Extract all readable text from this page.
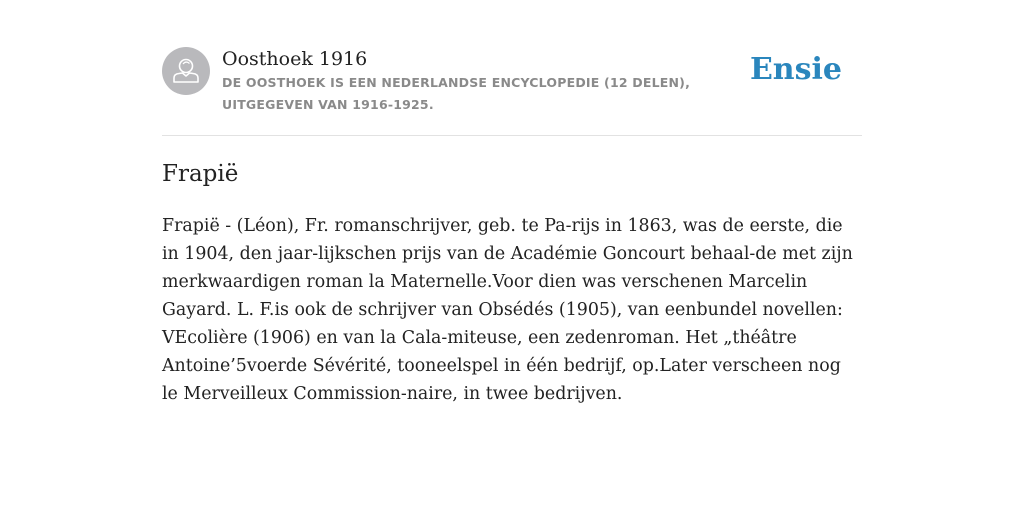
Oosthoek 1916
DE OOSTHOEK IS EEN NEDERLANDSE ENCYCLOPEDIE (12 DELEN), UITGEGEVEN VAN 1916-1925.
Ensie
Frapië

Frapië - (Léon), Fr. romanschrijver, geb. te Pa-rijs in 1863, was de eerste, die in 1904, den jaar-lijkschen prijs van de Académie Goncourt behaal-de met zijn merkwaardigen roman la Maternelle.Voor dien was verschenen Marcelin Gayard. L. F.is ook de schrijver van Obsédés (1905), van eenbundel novellen: VEcolière (1906) en van la Cala-miteuse, een zedenroman. Het „théâtre Antoine’5voerde Sévérité, tooneelspel in één bedrijf, op.Later verscheen nog le Merveilleux Commission-naire, in twee bedrijven.
